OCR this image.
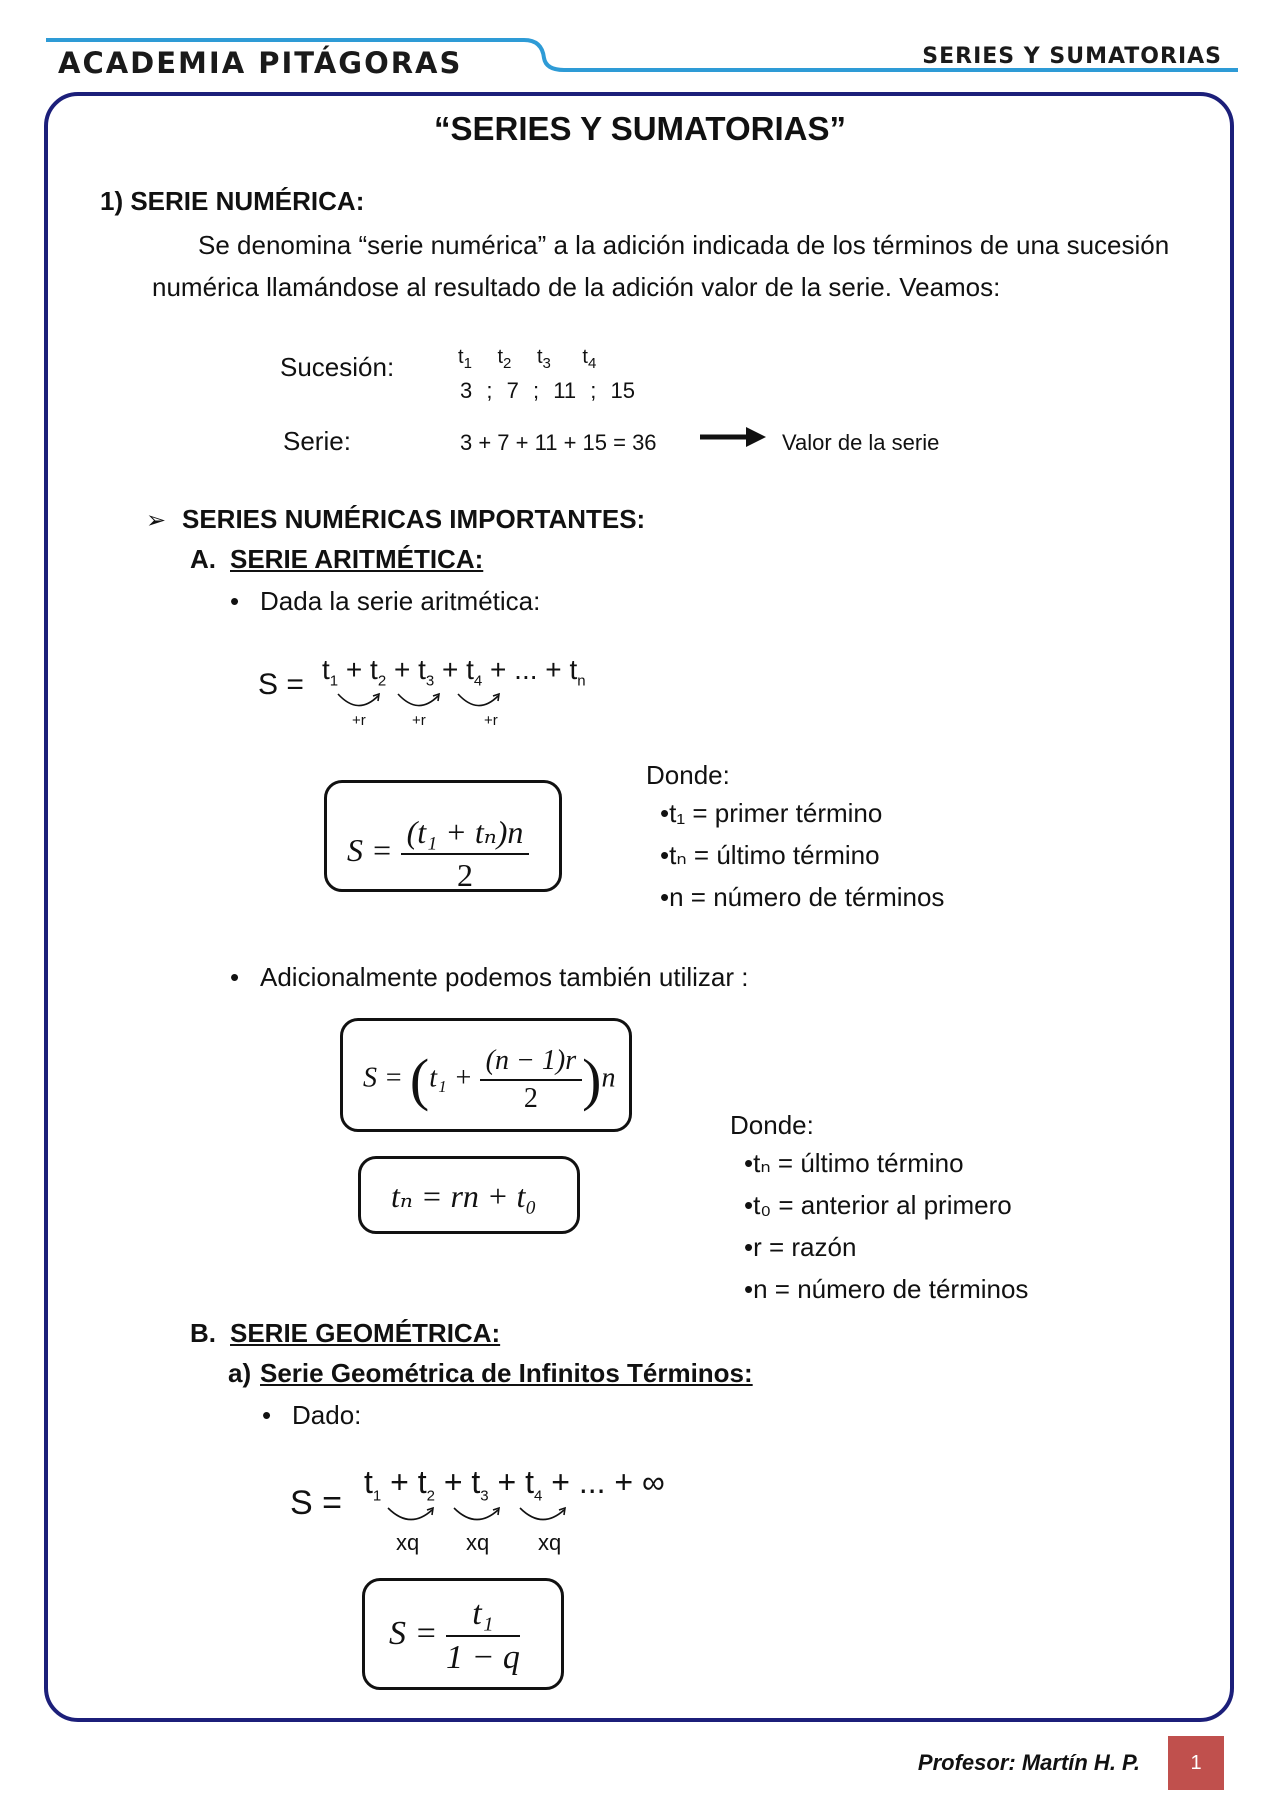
ACADEMIA PITÁGORAS	SERIES Y SUMATORIAS
“SERIES Y SUMATORIAS”
1) SERIE NUMÉRICA:
Se denomina “serie numérica” a la adición indicada de los términos de una sucesión numérica llamándose al resultado de la adición valor de la serie. Veamos:
Sucesión:	$t_1$ $t_2$ $t_3$ $t_4$
3 ; 7 ; 11 ; 15
Serie:	3 + 7 + 11 + 15 = 36	Valor de la serie
➢ SERIES NUMÉRICAS IMPORTANTES:
A. SERIE ARITMÉTICA:
• Dada la serie aritmética:
$S = t_1 + t_2 + t_3 + t_4$ + ... + $t_n$
+r	+r	+r
$S = \frac{\text{(t₁ + tₙ)n}}{2}$
Donde:
•t₁ = primer término
•tₙ = último término
•n = número de términos
• Adicionalmente podemos también utilizar :
$S = (t_1 + \frac{(n - 1)r}{2} )n$
tₙ = rn + t₀
Donde:
•tₙ = último término
•t₀ = anterior al primero
•r = razón
•n = número de términos
B. SERIE GEOMÉTRICA:
a) Serie Geométrica de Infinitos Términos:
• Dado:
S =
$t_1 + t_2 + t_3 + t_4$ + ... + ∞
xq xq xq
$S = \frac{\text{t₁}}{1 - q}$
Profesor: Martín H. P.	1
